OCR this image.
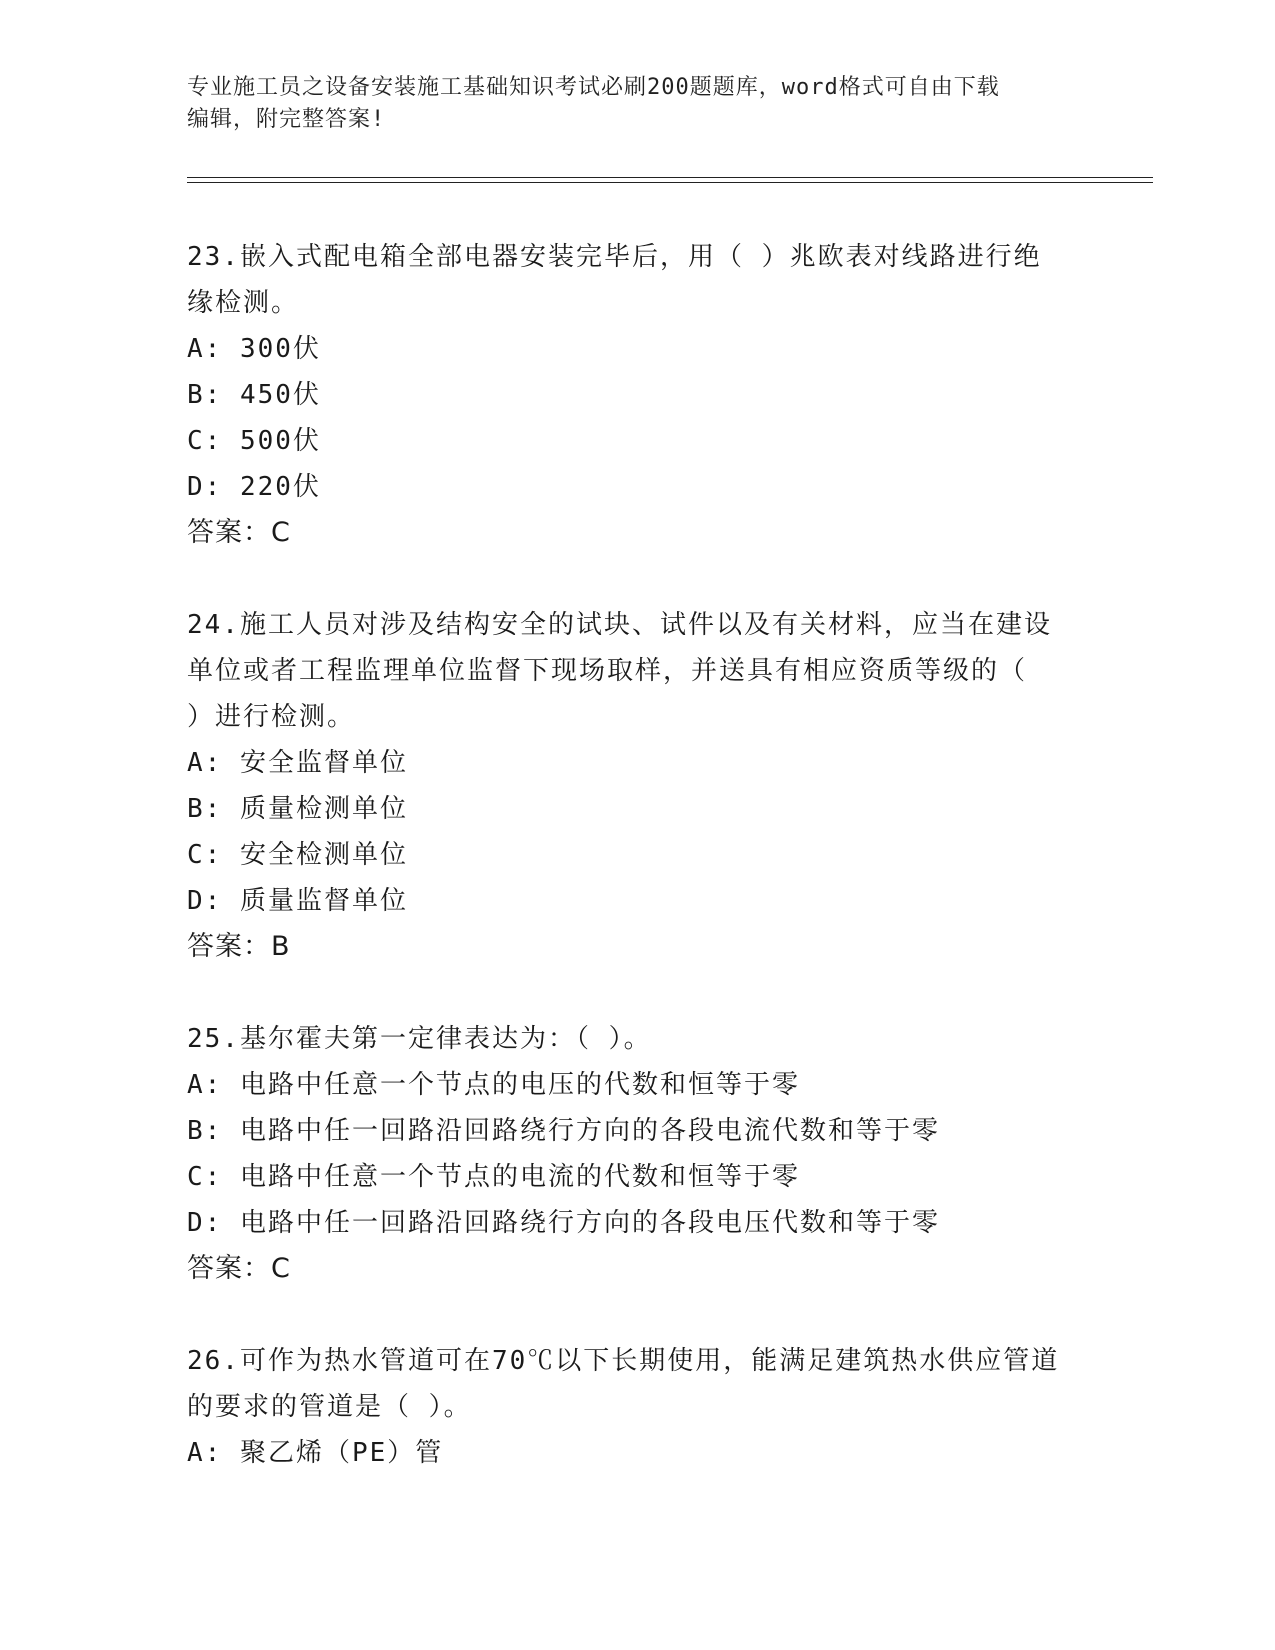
专业施工员之设备安装施工基础知识考试必刷200题题库，word格式可自由下载
编辑，附完整答案!

23.嵌入式配电箱全部电器安装完毕后，用（ ）兆欧表对线路进行绝

缘检测。

A: 300伏

B: 450伏

C: 500伏

D: 220伏

答案：C

24.施工人员对涉及结构安全的试块、试件以及有关材料，应当在建设

单位或者工程监理单位监督下现场取样，并送具有相应资质等级的（

）进行检测。

A: 安全监督单位

B: 质量检测单位

C: 安全检测单位

D: 质量监督单位

答案：B

25.基尔霍夫第一定律表达为：（ ）。

A: 电路中任意一个节点的电压的代数和恒等于零

B: 电路中任一回路沿回路绕行方向的各段电流代数和等于零

C: 电路中任意一个节点的电流的代数和恒等于零

D: 电路中任一回路沿回路绕行方向的各段电压代数和等于零

答案：C

26.可作为热水管道可在70℃以下长期使用，能满足建筑热水供应管道

的要求的管道是（ ）。

A: 聚乙烯（PE）管
